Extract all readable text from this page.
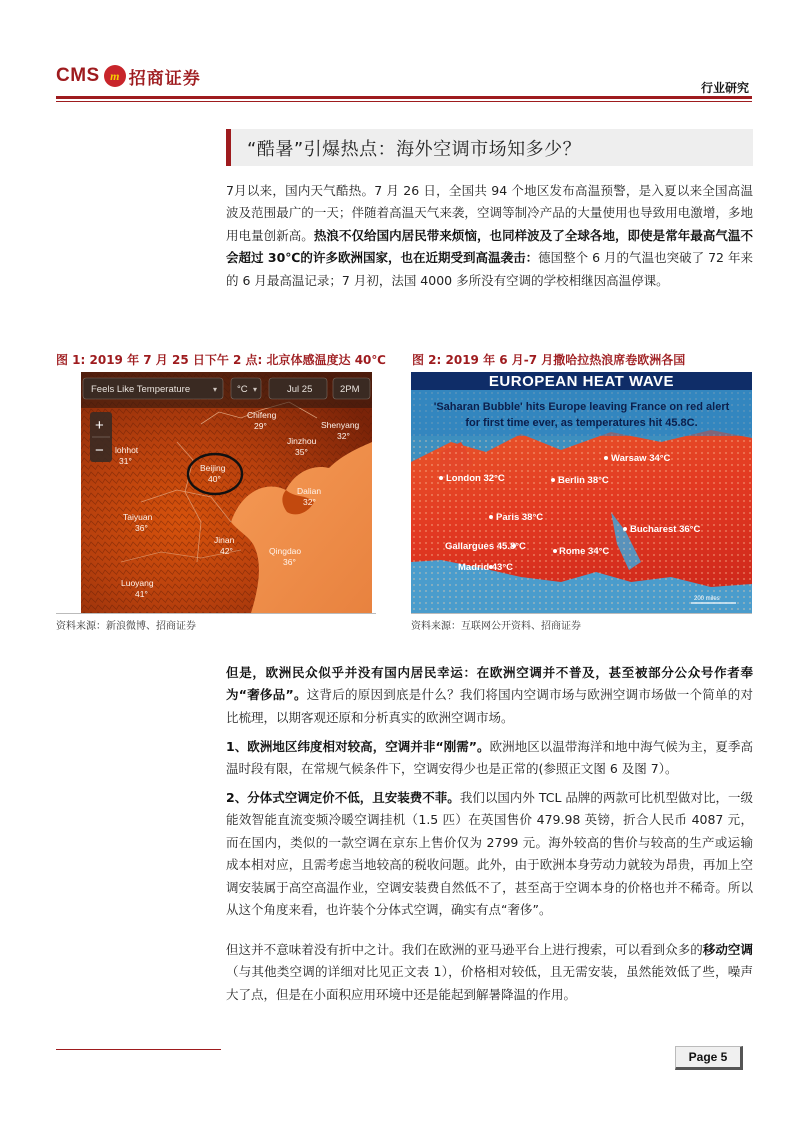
CMS m 招商证券	行业研究
“酷暑”引爆热点：海外空调市场知多少？
7月以来，国内天气酷热。7 月 26 日，全国共 94 个地区发布高温预警，是入夏以来全国高温波及范围最广的一天；伴随着高温天气来袭，空调等制冷产品的大量使用也导致用电激增，多地用电量创新高。热浪不仅给国内居民带来烦恼，也同样波及了全球各地，即使是常年最高气温不会超过 30℃的许多欧洲国家，也在近期受到高温袭击：德国整个 6 月的气温也突破了 72 年来的 6 月最高温记录；7 月初，法国 4000 多所没有空调的学校相继因高温停课。
图 1: 2019 年 7 月 25 日下午 2 点: 北京体感温度达 40℃
Feels Like Temperature	▾ °C ▾	Jul 25	2PM
+
−
Chifeng
29°	Shenyang
32°
lohhot
31°
Jinzhou
35°
Beijing
40°
Dalian
32°
Taiyuan
36°
Jinan
42°	Qingdao
36°
Luoyang
41°
资料来源：新浪微博、招商证券
图 2: 2019 年 6 月-7 月撒哈拉热浪席卷欧洲各国
EUROPEAN HEAT WAVE
'Saharan Bubble' hits Europe leaving France on red alert
for first time ever, as temperatures hit 45.8C.
Warsaw 34°C
London 32°C	Berlin 38°C
Paris 38°C
Bucharest 36°C
Gallargues 45.8°C	Rome 34°C
Madrid 43°C
200 miles
资料来源：互联网公开资料、招商证券
但是，欧洲民众似乎并没有国内居民幸运：在欧洲空调并不普及，甚至被部分公众号作者奉为“奢侈品”。这背后的原因到底是什么？我们将国内空调市场与欧洲空调市场做一个简单的对比梳理，以期客观还原和分析真实的欧洲空调市场。
1、欧洲地区纬度相对较高，空调并非“刚需”。欧洲地区以温带海洋和地中海气候为主，夏季高温时段有限，在常规气候条件下，空调安得少也是正常的(参照正文图 6 及图 7）。
2、分体式空调定价不低，且安装费不菲。我们以国内外 TCL 品牌的两款可比机型做对比，一级能效智能直流变频冷暖空调挂机（1.5 匹）在英国售价 479.98 英镑，折合人民币 4087 元，而在国内，类似的一款空调在京东上售价仅为 2799 元。海外较高的售价与较高的生产或运输成本相对应，且需考虑当地较高的税收问题。此外，由于欧洲本身劳动力就较为昂贵，再加上空调安装属于高空高温作业，空调安装费自然低不了，甚至高于空调本身的价格也并不稀奇。所以从这个角度来看，也许装个分体式空调，确实有点“奢侈”。
但这并不意味着没有折中之计。我们在欧洲的亚马逊平台上进行搜索，可以看到众多的移动空调（与其他类空调的详细对比见正文表 1），价格相对较低，且无需安装，虽然能效低了些，噪声大了点，但是在小面积应用环境中还是能起到解暑降温的作用。
Page 5
